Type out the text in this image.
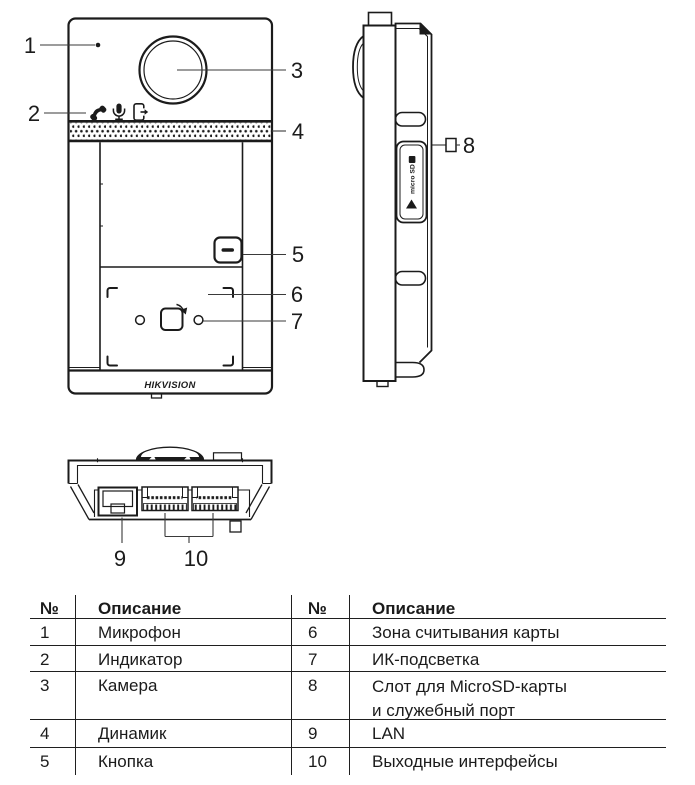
HIKVISION
micro SD
1
2
3
4
5
6
7
8
9	10
№	Описание	№	Описание
1	Микрофон	6	Зона считывания карты
2	Индикатор	7	ИК-подсветка
3	Камера	8	Слот для MicroSD-карты
и служебный порт
4	Динамик	9	LAN
5	Кнопка	10	Выходные интерфейсы
